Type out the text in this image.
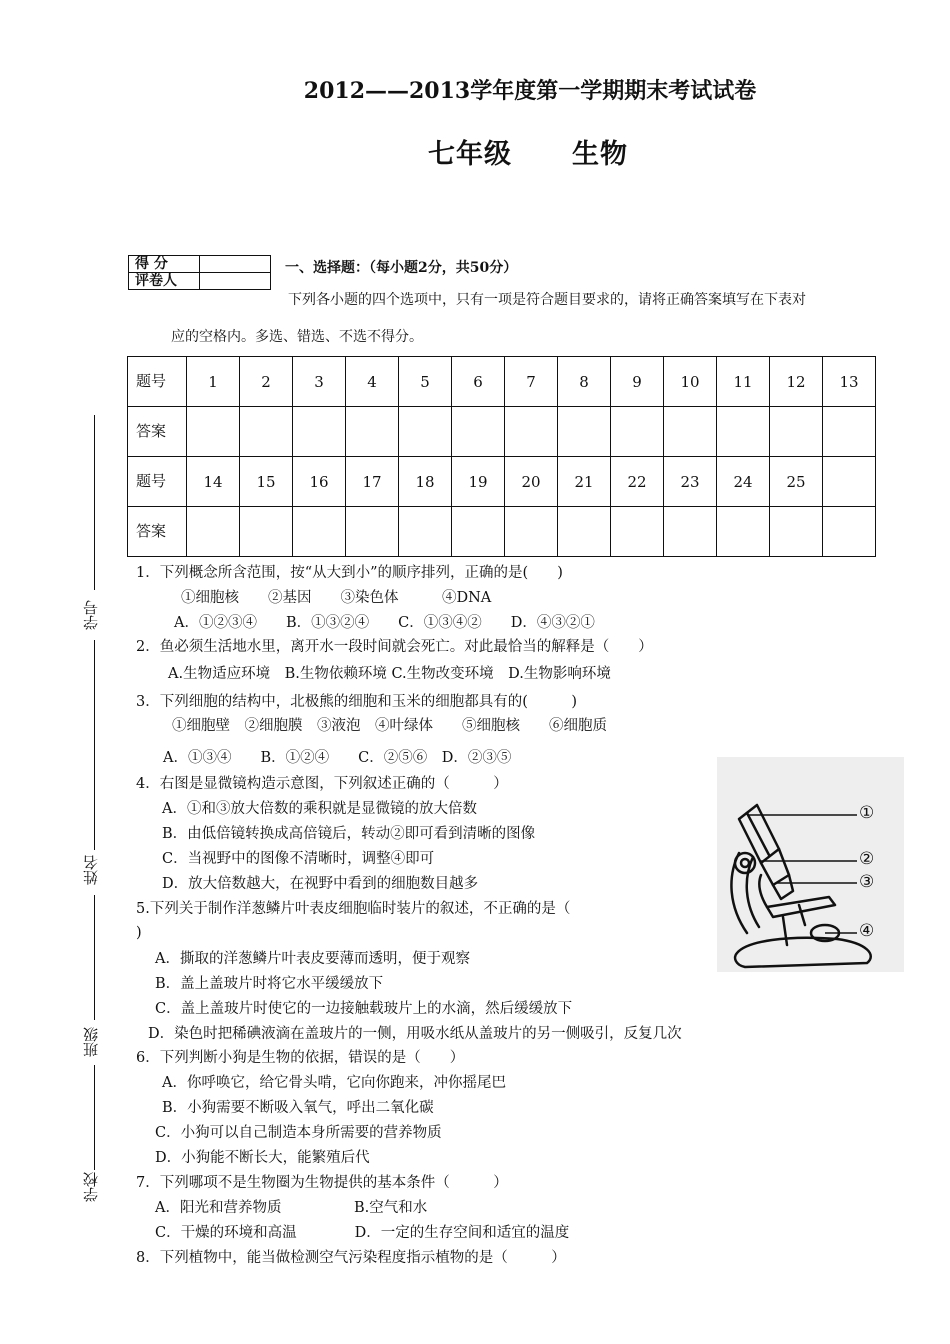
2012——2013学年度第一学期期末考试试卷
七年级 生物
得 分	
评卷人	
一、选择题：（每小题2分，共50分）
下列各小题的四个选项中，只有一项是符合题目要求的，请将正确答案填写在下表对
应的空格内。多选、错选、不选不得分。
题号	1	2	3	4	5	6	7	8	9	10	11	12	13
答案													
题号	14	15	16	17	18	19	20	21	22	23	24	25	
答案													
学号
姓名
班级
学校
1．下列概念所含范围，按“从大到小”的顺序排列，正确的是(　　)
①细胞核　　②基因　　③染色体　　　④DNA
A．①②③④　　B．①③②④　　C．①③④②　　D．④③②①
2．鱼必须生活地水里，离开水一段时间就会死亡。对此最恰当的解释是（　　）
A.生物适应环境　B.生物依赖环境 C.生物改变环境　D.生物影响环境
3．下列细胞的结构中，北极熊的细胞和玉米的细胞都具有的(　　　)
①细胞壁　②细胞膜　③液泡　④叶绿体　　⑤细胞核　　⑥细胞质
A．①③④　　B．①②④　　C．②⑤⑥　D．②③⑤
4．右图是显微镜构造示意图，下列叙述正确的（　　　）
A．①和③放大倍数的乘积就是显微镜的放大倍数
B．由低倍镜转换成高倍镜后，转动②即可看到清晰的图像
C．当视野中的图像不清晰时，调整④即可
D．放大倍数越大，在视野中看到的细胞数目越多
5.下列关于制作洋葱鳞片叶表皮细胞临时装片的叙述，不正确的是（
)
A．撕取的洋葱鳞片叶表皮要薄而透明，便于观察
B．盖上盖玻片时将它水平缓缓放下
C．盖上盖玻片时使它的一边接触载玻片上的水滴，然后缓缓放下
D．染色时把稀碘液滴在盖玻片的一侧，用吸水纸从盖玻片的另一侧吸引，反复几次
6．下列判断小狗是生物的依据，错误的是（　　）
A．你呼唤它，给它骨头啃，它向你跑来，冲你摇尾巴
B．小狗需要不断吸入氧气，呼出二氧化碳
C．小狗可以自己制造本身所需要的营养物质
D．小狗能不断长大，能繁殖后代
7．下列哪项不是生物圈为生物提供的基本条件（　　　）
A．阳光和营养物质　　　　　B.空气和水
C．干燥的环境和高温　　　　D．一定的生存空间和适宜的温度
8．下列植物中，能当做检测空气污染程度指示植物的是（　　　）
①
②
③
④
